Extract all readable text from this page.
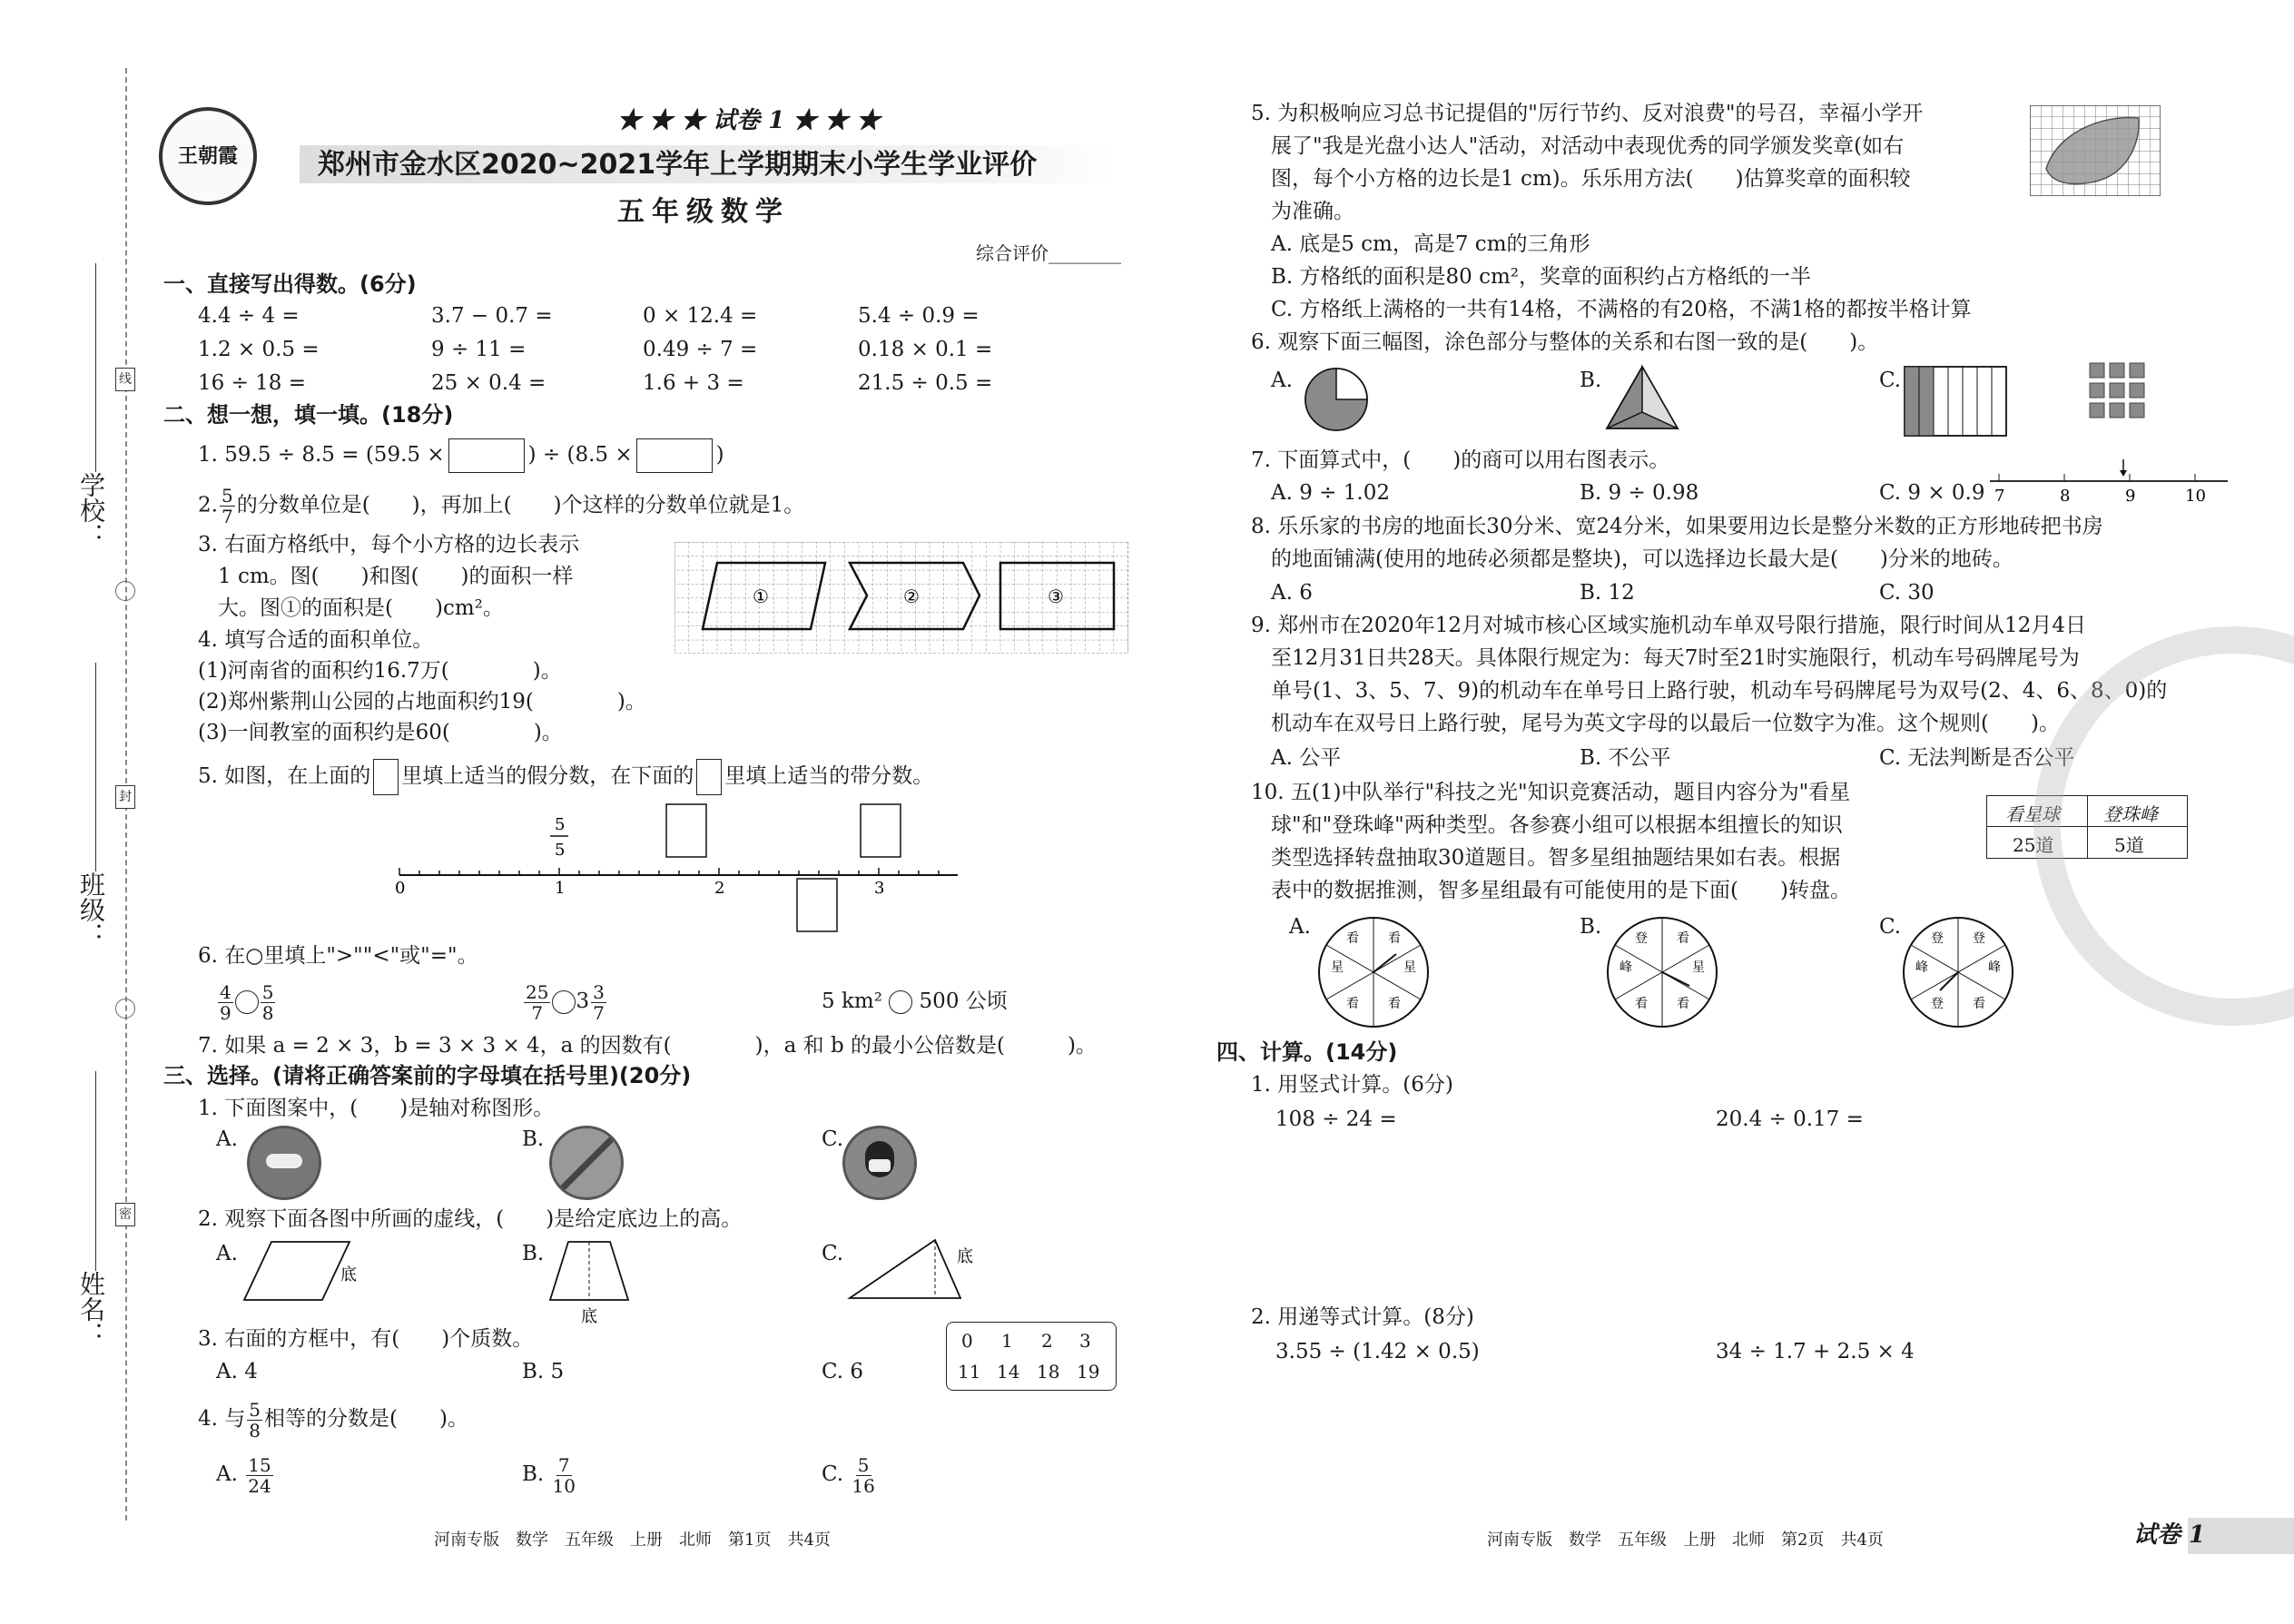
学校：
班级：
姓名：
线
封
密
王朝霞
★ ★ ★ 试卷 1 ★ ★ ★
郑州市金水区2020~2021学年上学期期末小学生学业评价
五年级数学
综合评价________
一、直接写出得数。(6分)
4.4 ÷ 4 =	3.7 − 0.7 =	0 × 12.4 =	5.4 ÷ 0.9 =
1.2 × 0.5 =	9 ÷ 11 =	0.49 ÷ 7 =	0.18 × 0.1 =
16 ÷ 18 =	25 × 0.4 =	1.6 + 3 =	21.5 ÷ 0.5 =
二、想一想，填一填。(18分)
1. 59.5 ÷ 8.5 = (59.5 ×	) ÷ (8.5 ×	)
2. $\frac{5}{7}$ 的分数单位是(　　)，再加上(　　)个这样的分数单位就是1。
3. 右面方格纸中，每个小方格的边长表示
1 cm。图(　　)和图(　　)的面积一样
大。图①的面积是(　　)cm²。	①	②	③
4. 填写合适的面积单位。
(1)河南省的面积约16.7万(　　　　)。
(2)郑州紫荆山公园的占地面积约19(　　　　)。
(3)一间教室的面积约是60(　　　　)。
5. 如图，在上面的 里填上适当的假分数，在下面的 里填上适当的带分数。
0	1	2	3
5
5
6. 在○里填上">""<"或"="。
$\frac{4}{9} \frac{5}{8}$	$\frac{25}{7} 3 \frac{3}{7}$	5 km² 500 公顷
7. 如果 a = 2 × 3，b = 3 × 3 × 4，a 的因数有(　　　　)，a 和 b 的最小公倍数是(　　　)。
三、选择。(请将正确答案前的字母填在括号里)(20分)
1. 下面图案中，(　　)是轴对称图形。
A.	B.	C.
2. 观察下面各图中所画的虚线，(　　)是给定底边上的高。
A.
底
B.
底
C.	底
3. 右面的方框中，有(　　)个质数。
A. 4	B. 5	C. 6
0 1 2 3
11 14 18 19
4. 与 $\frac{5}{8}$ 相等的分数是(　　)。
A. $\frac{15}{24}$	B. $\frac{7}{10}$	C. $\frac{5}{16}$
河南专版　数学　五年级　上册　北师　第1页　共4页
5. 为积极响应习总书记提倡的"厉行节约、反对浪费"的号召，幸福小学开
展了"我是光盘小达人"活动，对活动中表现优秀的同学颁发奖章(如右
图，每个小方格的边长是1 cm)。乐乐用方法(　　)估算奖章的面积较
为准确。
A. 底是5 cm，高是7 cm的三角形
B. 方格纸的面积是80 cm²，奖章的面积约占方格纸的一半
C. 方格纸上满格的一共有14格，不满格的有20格，不满1格的都按半格计算
6. 观察下面三幅图，涂色部分与整体的关系和右图一致的是(　　)。
A.	B.	C.
7. 下面算式中，(　　)的商可以用右图表示。
A. 9 ÷ 1.02	B. 9 ÷ 0.98	C. 9 × 0.9 7	8	9	10
8. 乐乐家的书房的地面长30分米、宽24分米，如果要用边长是整分米数的正方形地砖把书房
的地面铺满(使用的地砖必须都是整块)，可以选择边长最大是(　　)分米的地砖。
A. 6	B. 12	C. 30
9. 郑州市在2020年12月对城市核心区域实施机动车单双号限行措施，限行时间从12月4日
至12月31日共28天。具体限行规定为：每天7时至21时实施限行，机动车号码牌尾号为
单号(1、3、5、7、9)的机动车在单号日上路行驶，机动车号码牌尾号为双号(2、4、6、8、0)的
机动车在双号日上路行驶，尾号为英文字母的以最后一位数字为准。这个规则(　　)。
A. 公平	B. 不公平	C. 无法判断是否公平
10. 五(1)中队举行"科技之光"知识竞赛活动，题目内容分为"看星
球"和"登珠峰"两种类型。各参赛小组可以根据本组擅长的知识
类型选择转盘抽取30道题目。智多星组抽题结果如右表。根据
表中的数据推测，智多星组最有可能使用的是下面(　　)转盘。
看星球 登珠峰
25道	5道
A.	看 看
星	星
看 看
B.	登 看
峰	星
看 看
C. 登 登
峰	峰
登 看
四、计算。(14分)
1. 用竖式计算。(6分)
108 ÷ 24 =	20.4 ÷ 0.17 =
2. 用递等式计算。(8分)
3.55 ÷ (1.42 × 0.5)	34 ÷ 1.7 + 2.5 × 4
河南专版　数学　五年级　上册　北师　第2页　共4页	试卷 1
